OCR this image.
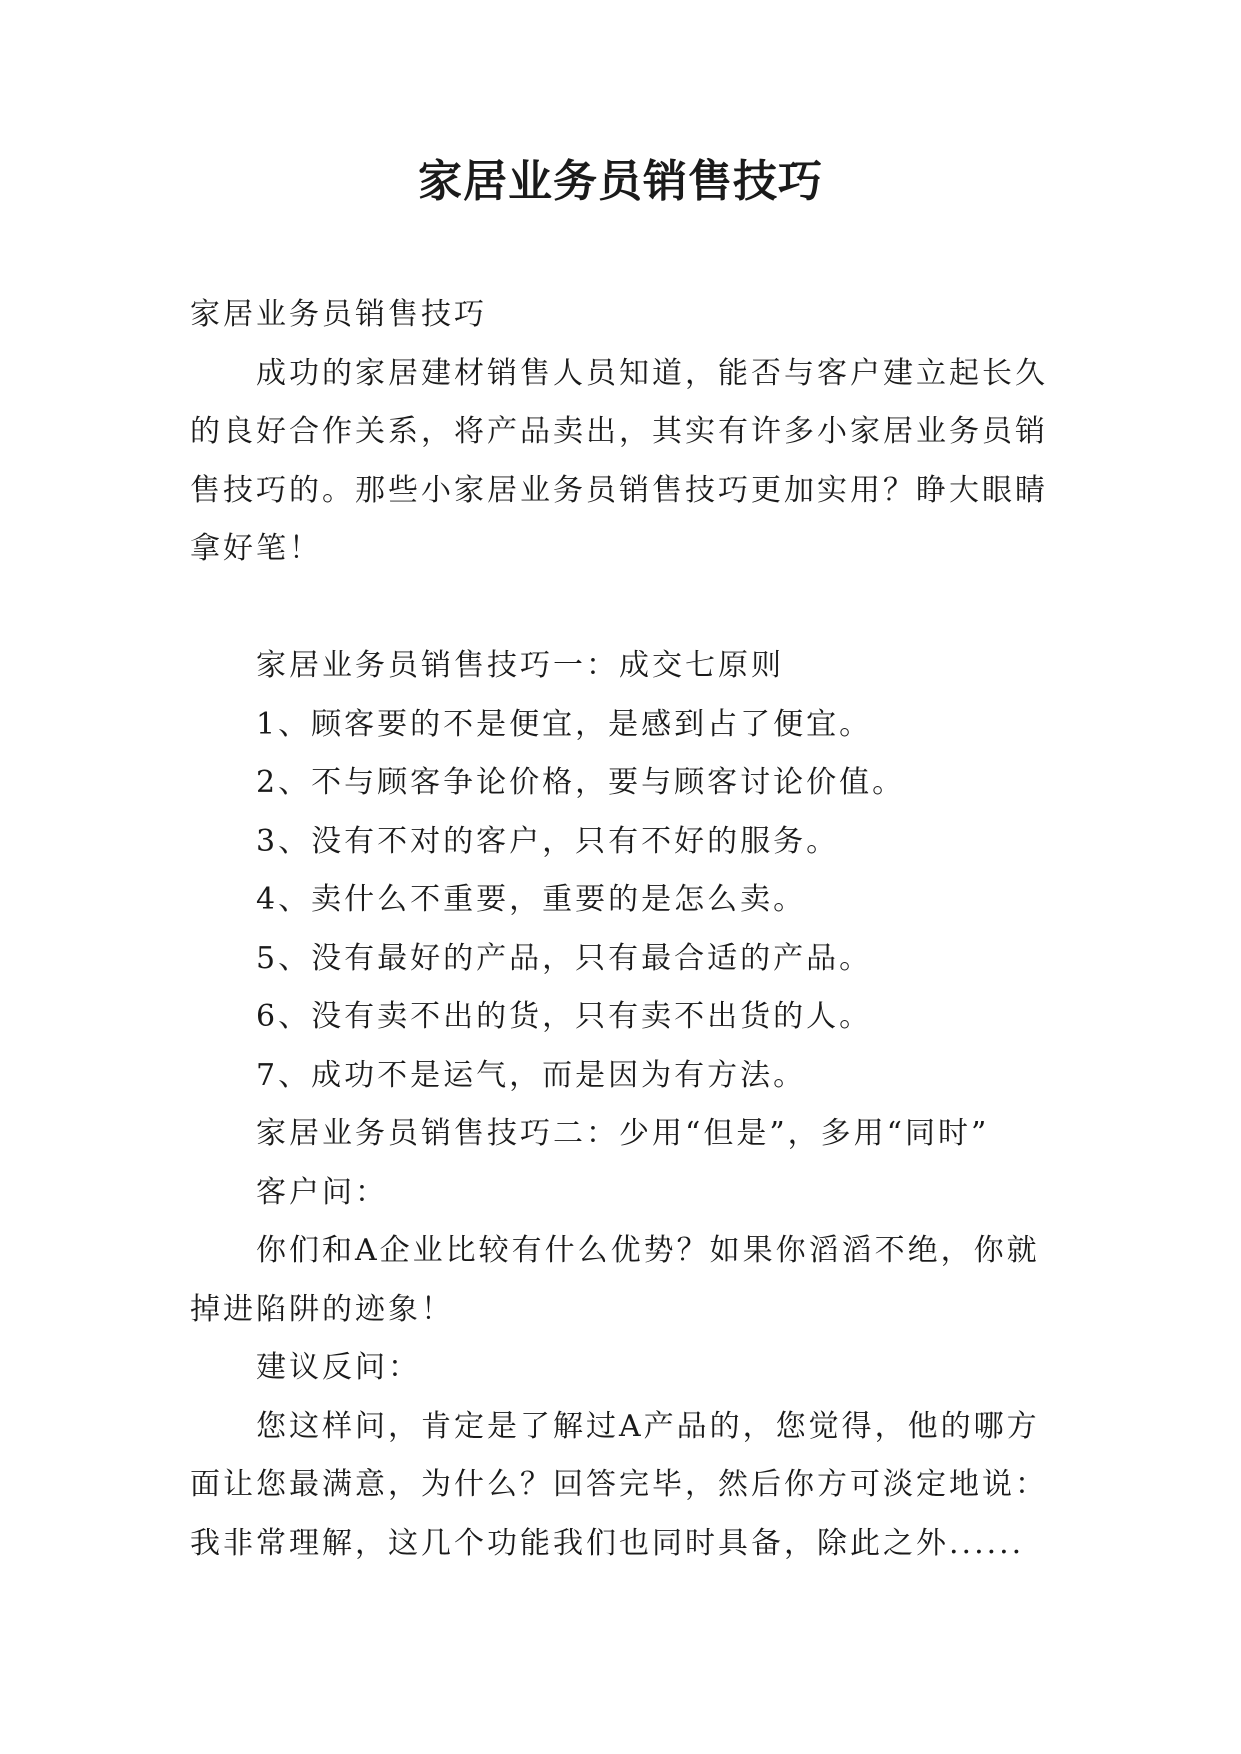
家居业务员销售技巧

家居业务员销售技巧

成功的家居建材销售人员知道，能否与客户建立起长久的良好合作关系，将产品卖出，其实有许多小家居业务员销售技巧的。那些小家居业务员销售技巧更加实用？睁大眼睛拿好笔！

家居业务员销售技巧一：成交七原则

1、顾客要的不是便宜，是感到占了便宜。

2、不与顾客争论价格，要与顾客讨论价值。

3、没有不对的客户，只有不好的服务。

4、卖什么不重要，重要的是怎么卖。

5、没有最好的产品，只有最合适的产品。

6、没有卖不出的货，只有卖不出货的人。

7、成功不是运气，而是因为有方法。

家居业务员销售技巧二：少用“但是”，多用“同时”

客户问：

你们和A企业比较有什么优势？如果你滔滔不绝，你就掉进陷阱的迹象！

建议反问：

您这样问，肯定是了解过A产品的，您觉得，他的哪方面让您最满意，为什么？回答完毕，然后你方可淡定地说：我非常理解，这几个功能我们也同时具备，除此之外......
